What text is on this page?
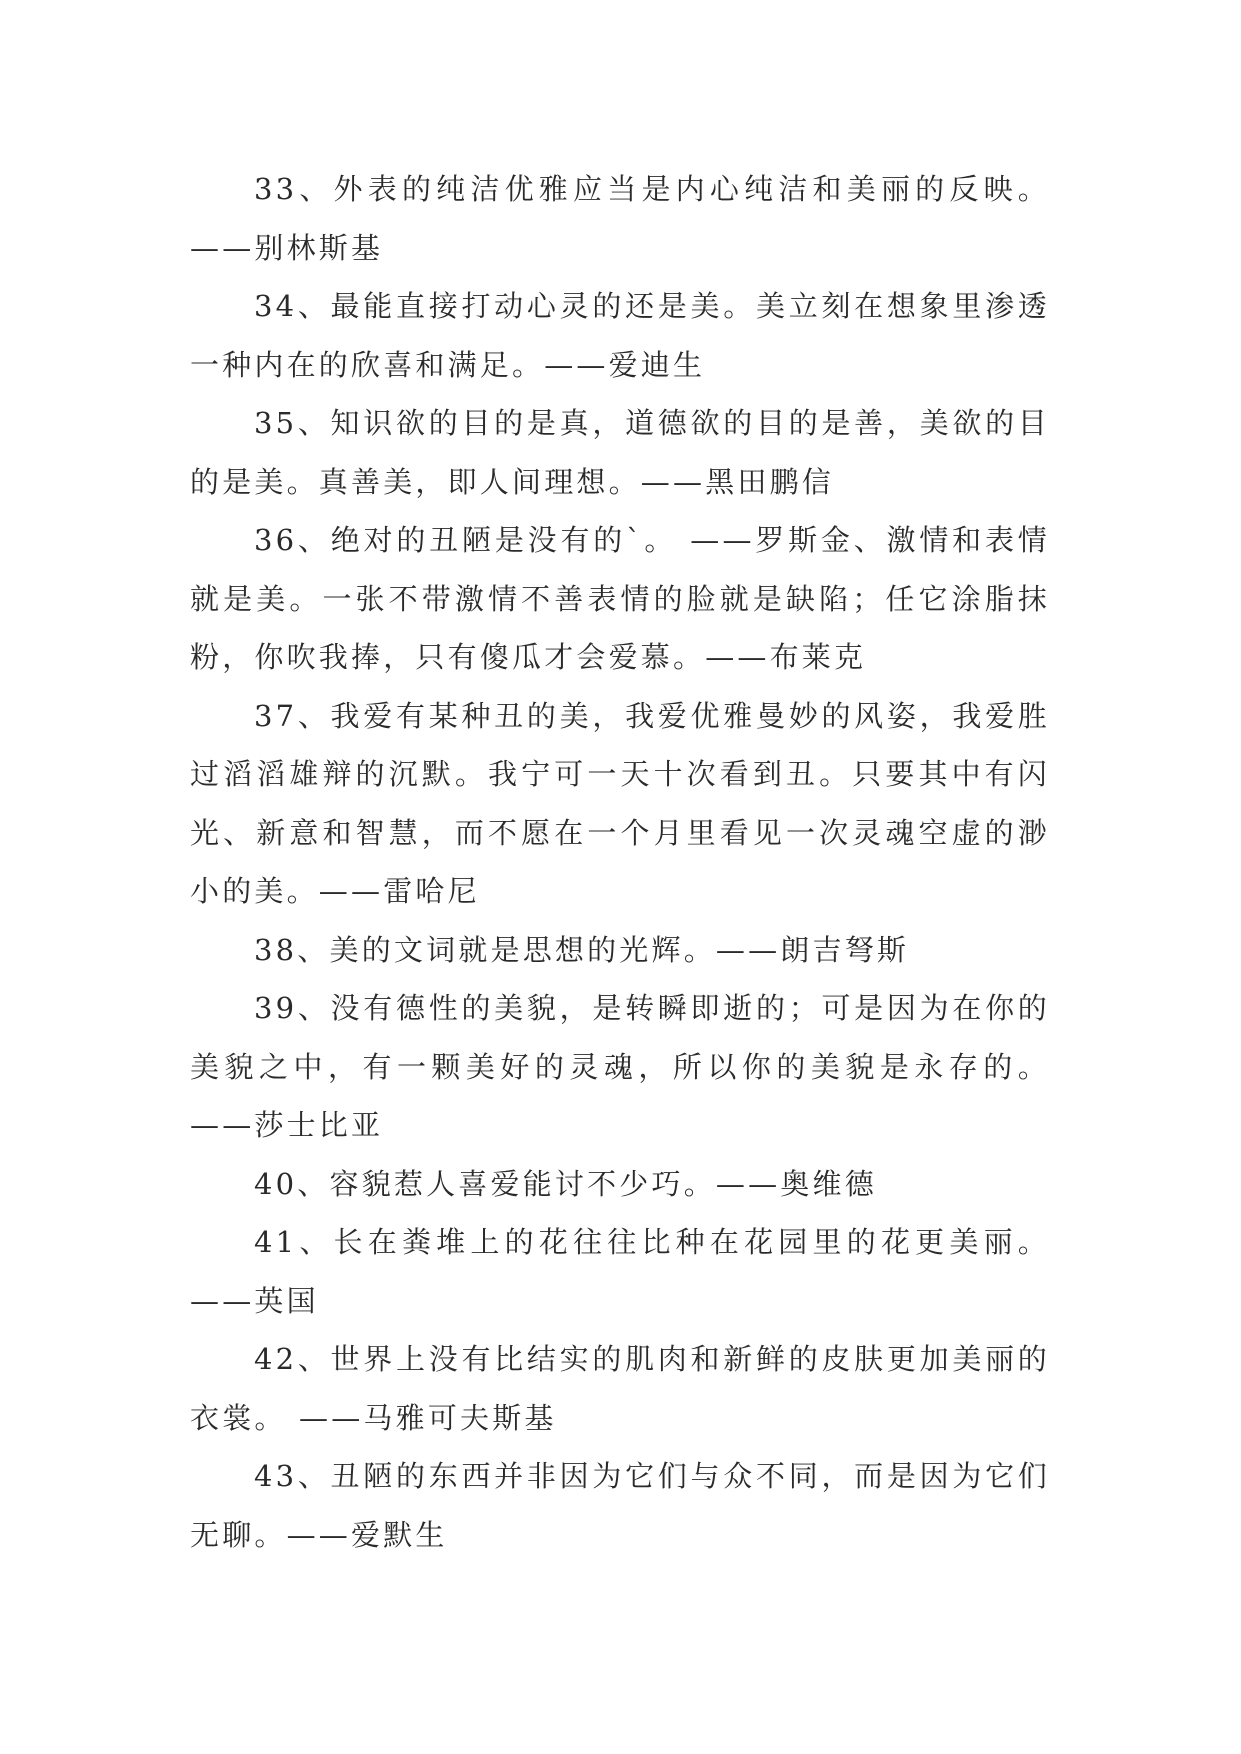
33、外表的纯洁优雅应当是内心纯洁和美丽的反映。——别林斯基

34、最能直接打动心灵的还是美。美立刻在想象里渗透一种内在的欣喜和满足。——爱迪生

35、知识欲的目的是真，道德欲的目的是善，美欲的目的是美。真善美，即人间理想。——黑田鹏信

36、绝对的丑陋是没有的`。 ——罗斯金、激情和表情就是美。一张不带激情不善表情的脸就是缺陷；任它涂脂抹粉，你吹我捧，只有傻瓜才会爱慕。——布莱克

37、我爱有某种丑的美，我爱优雅曼妙的风姿，我爱胜过滔滔雄辩的沉默。我宁可一天十次看到丑。只要其中有闪光、新意和智慧，而不愿在一个月里看见一次灵魂空虚的渺小的美。——雷哈尼

38、美的文词就是思想的光辉。——朗吉弩斯

39、没有德性的美貌，是转瞬即逝的；可是因为在你的美貌之中，有一颗美好的灵魂，所以你的美貌是永存的。——莎士比亚

40、容貌惹人喜爱能讨不少巧。——奥维德

41、长在粪堆上的花往往比种在花园里的花更美丽。——英国

42、世界上没有比结实的肌肉和新鲜的皮肤更加美丽的衣裳。 ——马雅可夫斯基

43、丑陋的东西并非因为它们与众不同，而是因为它们无聊。——爱默生
